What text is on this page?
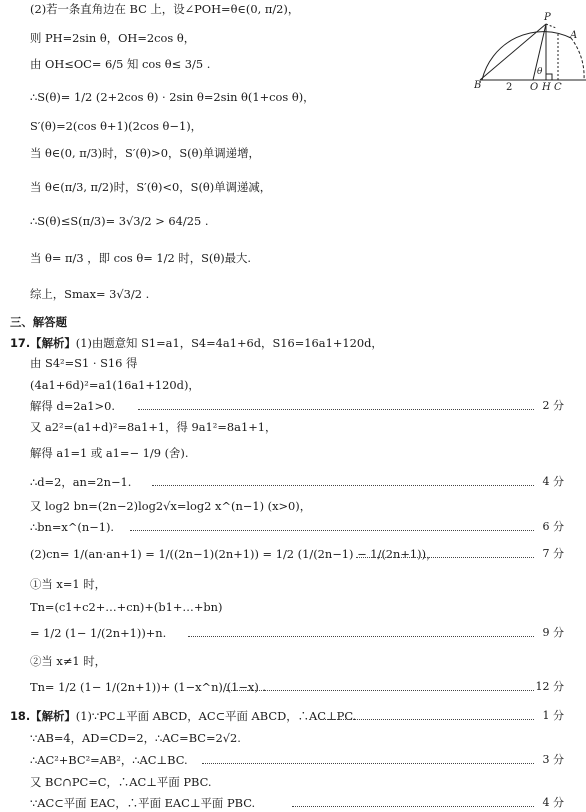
(2)若一条直角边在 BC 上，设∠POH=θ∈(0, π/2)，
则 PH=2sin θ，OH=2cos θ，
由 OH≤OC= 6/5 知 cos θ≤ 3/5 .
∴S(θ)= 1/2 (2+2cos θ) · 2sin θ=2sin θ(1+cos θ)，
S′(θ)=2(cos θ+1)(2cos θ−1)，
当 θ∈(0, π/3)时，S′(θ)>0，S(θ)单调递增，
当 θ∈(π/3, π/2)时，S′(θ)<0，S(θ)单调递减，
∴S(θ)≤S(π/3)= 3√3/2 > 64/25 .
当 θ= π/3 ，即 cos θ= 1/2 时，S(θ)最大.
综上，Smax= 3√3/2 .
三、解答题
17.【解析】(1)由题意知 S1=a1，S4=4a1+6d，S16=16a1+120d，
由 S4²=S1 · S16 得
(4a1+6d)²=a1(16a1+120d)，
解得 d=2a1>0.	2 分
又 a2²=(a1+d)²=8a1+1，得 9a1²=8a1+1，
解得 a1=1 或 a1=− 1/9 (舍).
∴d=2，an=2n−1.	4 分
又 log2 bn=(2n−2)log2√x=log2 x^(n−1) (x>0)，
∴bn=x^(n−1).	6 分
(2)cn= 1/(an·an+1) = 1/((2n−1)(2n+1)) = 1/2 (1/(2n−1) − 1/(2n+1))，	7 分
①当 x=1 时，
Tn=(c1+c2+…+cn)+(b1+…+bn)
= 1/2 (1− 1/(2n+1))+n.	9 分
②当 x≠1 时，
Tn= 1/2 (1− 1/(2n+1))+ (1−x^n)/(1−x) .	12 分
18.【解析】(1)∵PC⊥平面 ABCD，AC⊂平面 ABCD，∴AC⊥PC.	1 分
∵AB=4，AD=CD=2，∴AC=BC=2√2.
∴AC²+BC²=AB²，∴AC⊥BC.	3 分
又 BC∩PC=C，∴AC⊥平面 PBC.
∵AC⊂平面 EAC，∴平面 EAC⊥平面 PBC.	4 分
P
A
B	O H C
θ
2
